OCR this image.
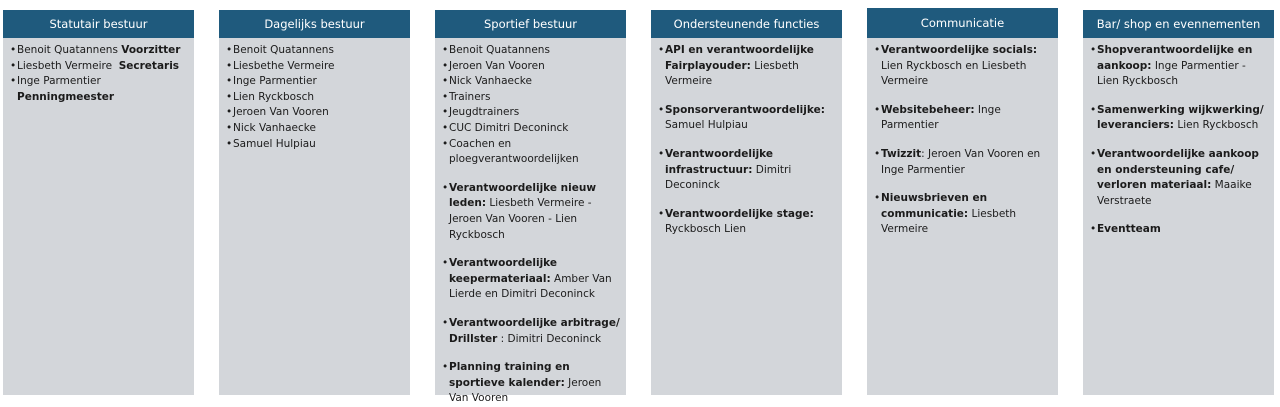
Statutair bestuur
• Benoit Quatannens Voorzitter
• Liesbeth Vermeire  Secretaris
• Inge Parmentier Penningmeester
Dagelijks bestuur
• Benoit Quatannens
• Liesbethe Vermeire
• Inge Parmentier
• Lien Ryckbosch
• Jeroen Van Vooren
• Nick Vanhaecke
• Samuel Hulpiau
Sportief bestuur
• Benoit Quatannens
• Jeroen Van Vooren
• Nick Vanhaecke
• Trainers
• Jeugdtrainers
• CUC Dimitri Deconinck
• Coachen en ploegverantwoordelijken
• Verantwoordelijke nieuw leden: Liesbeth Vermeire - Jeroen Van Vooren - Lien Ryckbosch
• Verantwoordelijke keepermateriaal: Amber Van Lierde en Dimitri Deconinck
• Verantwoordelijke arbitrage/ Drillster : Dimitri Deconinck
• Planning training en sportieve kalender: Jeroen Van Vooren
Ondersteunende functies
• API en verantwoordelijke Fairplayouder: Liesbeth Vermeire
• Sponsorverantwoordelijke: Samuel Hulpiau
• Verantwoordelijke infrastructuur: Dimitri Deconinck
• Verantwoordelijke stage: Ryckbosch Lien
Communicatie
• Verantwoordelijke socials: Lien Ryckbosch en Liesbeth Vermeire
• Websitebeheer: Inge Parmentier
• Twizzit: Jeroen Van Vooren en Inge Parmentier
• Nieuwsbrieven en communicatie: Liesbeth Vermeire
Bar/ shop en evennementen
• Shopverantwoordelijke en aankoop: Inge Parmentier - Lien Ryckbosch
• Samenwerking wijkwerking/ leveranciers: Lien Ryckbosch
• Verantwoordelijke aankoop en ondersteuning cafe/ verloren materiaal: Maaike Verstraete
• Eventteam
